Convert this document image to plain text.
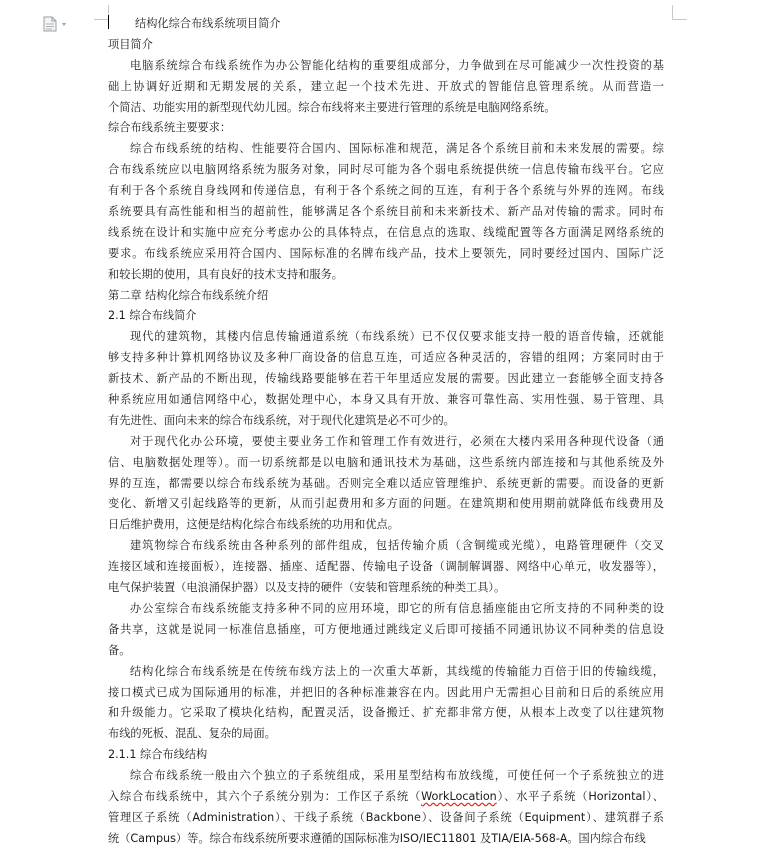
结构化综合布线系统项目简介
项目简介
电脑系统综合布线系统作为办公智能化结构的重要组成部分，力争做到在尽可能减少一次性投资的基
础上协调好近期和无期发展的关系，建立起一个技术先进、开放式的智能信息管理系统。从而营造一
个简洁、功能实用的新型现代幼儿园。综合布线将来主要进行管理的系统是电脑网络系统。
综合布线系统主要要求：
综合布线系统的结构、性能要符合国内、国际标准和规范，满足各个系统目前和未来发展的需要。综
合布线系统应以电脑网络系统为服务对象，同时尽可能为各个弱电系统提供统一信息传输布线平台。它应
有利于各个系统自身线网和传递信息，有利于各个系统之间的互连，有利于各个系统与外界的连网。布线
系统要具有高性能和相当的超前性，能够满足各个系统目前和未来新技术、新产品对传输的需求。同时布
线系统在设计和实施中应充分考虑办公的具体特点，在信息点的选取、线缆配置等各方面满足网络系统的
要求。布线系统应采用符合国内、国际标准的名牌布线产品，技术上要领先，同时要经过国内、国际广泛
和较长期的使用，具有良好的技术支持和服务。
第二章 结构化综合布线系统介绍
2.1 综合布线简介
现代的建筑物，其楼内信息传输通道系统（布线系统）已不仅仅要求能支持一般的语音传输，还就能
够支持多种计算机网络协议及多种厂商设备的信息互连，可适应各种灵活的，容错的组网；方案同时由于
新技术、新产品的不断出现，传输线路要能够在若干年里适应发展的需要。因此建立一套能够全面支持各
种系统应用如通信网络中心，数据处理中心，本身又具有开放、兼容可靠性高、实用性强、易于管理、具
有先进性、面向未来的综合布线系统，对于现代化建筑是必不可少的。
对于现代化办公环境，要使主要业务工作和管理工作有效进行，必须在大楼内采用各种现代设备（通
信、电脑数据处理等）。而一切系统都是以电脑和通讯技术为基础，这些系统内部连接和与其他系统及外
界的互连，都需要以综合布线系统为基础。否则完全难以适应管理维护、系统更新的需要。而设备的更新
变化、新增又引起线路等的更新，从而引起费用和多方面的问题。在建筑期和使用期前就降低布线费用及
日后维护费用，这便是结构化综合布线系统的功用和优点。
建筑物综合布线系统由各种系列的部件组成，包括传输介质（含铜缆或光缆），电路管理硬件（交叉
连接区域和连接面板），连接器、插座、适配器、传输电子设备（调制解调器、网络中心单元，收发器等），
电气保护装置（电浪涌保护器）以及支持的硬件（安装和管理系统的种类工具）。
办公室综合布线系统能支持多种不同的应用环境，即它的所有信息插座能由它所支持的不同种类的设
备共享，这就是说同一标准信息插座，可方便地通过跳线定义后即可接插不同通讯协议不同种类的信息设
备。
结构化综合布线系统是在传统布线方法上的一次重大革新，其线缆的传输能力百倍于旧的传输线缆，
接口模式已成为国际通用的标准，并把旧的各种标准兼容在内。因此用户无需担心目前和日后的系统应用
和升级能力。它采取了模块化结构，配置灵活，设备搬迁、扩充都非常方便，从根本上改变了以往建筑物
布线的死板、混乱、复杂的局面。
2.1.1 综合布线结构
综合布线系统一般由六个独立的子系统组成，采用星型结构布放线缆，可使任何一个子系统独立的进
入综合布线系统中，其六个子系统分别为：工作区子系统（WorkLocation）、水平子系统（Horizontal）、
管理区子系统（Administration）、干线子系统（Backbone）、设备间子系统（Equipment）、建筑群子系
统（Campus）等。综合布线系统所要求遵循的国际标准为ISO/IEC11801 及TIA/EIA-568-A。国内综合布线
